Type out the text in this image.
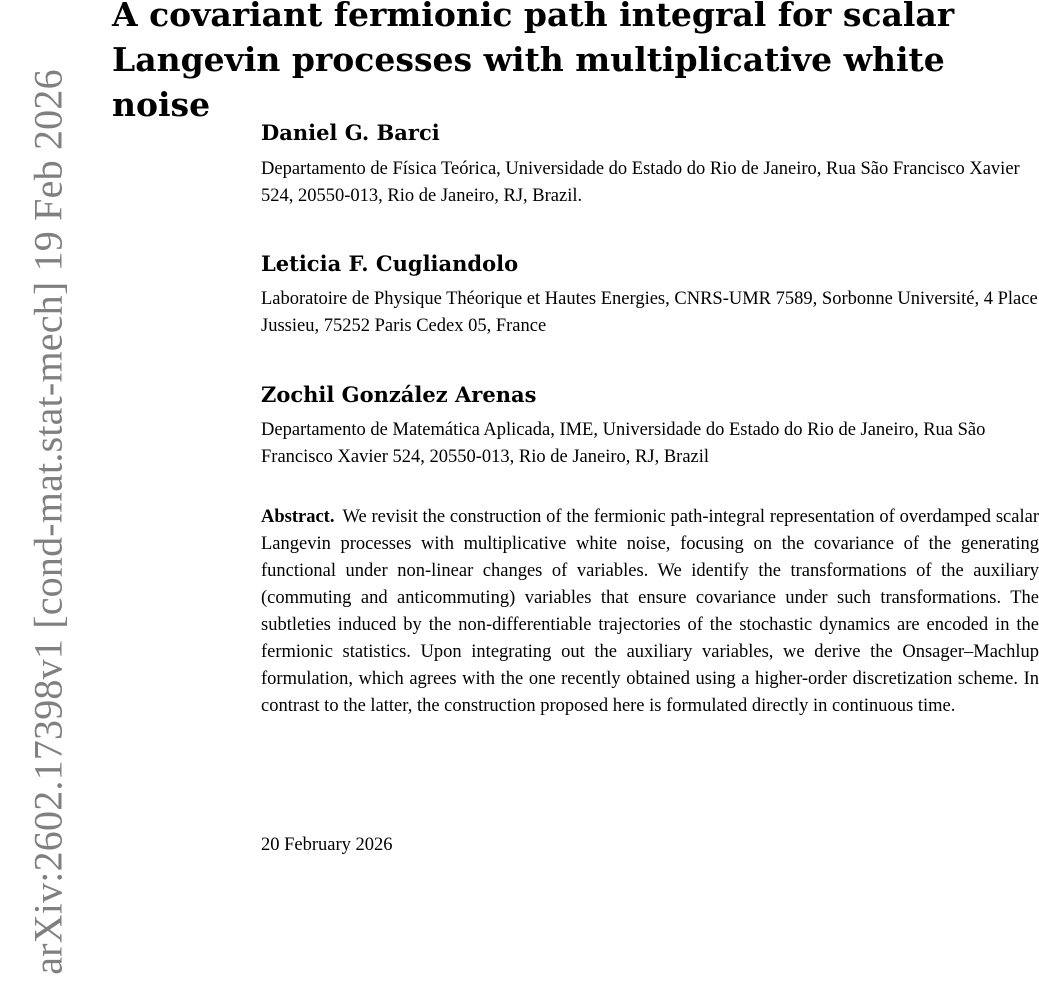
arXiv:2602.17398v1 [cond-mat.stat-mech] 19 Feb 2026
A covariant fermionic path integral for scalar Langevin processes with multiplicative white noise

Daniel G. Barci

Departamento de Física Teórica, Universidade do Estado do Rio de Janeiro, Rua São Francisco Xavier 524, 20550-013, Rio de Janeiro, RJ, Brazil.

Leticia F. Cugliandolo

Laboratoire de Physique Théorique et Hautes Energies, CNRS-UMR 7589, Sorbonne Université, 4 Place Jussieu, 75252 Paris Cedex 05, France

Zochil González Arenas

Departamento de Matemática Aplicada, IME, Universidade do Estado do Rio de Janeiro, Rua São Francisco Xavier 524, 20550-013, Rio de Janeiro, RJ, Brazil

Abstract. We revisit the construction of the fermionic path-integral representation of overdamped scalar Langevin processes with multiplicative white noise, focusing on the covariance of the generating functional under non-linear changes of variables. We identify the transformations of the auxiliary (commuting and anticommuting) variables that ensure covariance under such transformations. The subtleties induced by the non-differentiable trajectories of the stochastic dynamics are encoded in the fermionic statistics. Upon integrating out the auxiliary variables, we derive the Onsager–Machlup formulation, which agrees with the one recently obtained using a higher-order discretization scheme. In contrast to the latter, the construction proposed here is formulated directly in continuous time.

20 February 2026
